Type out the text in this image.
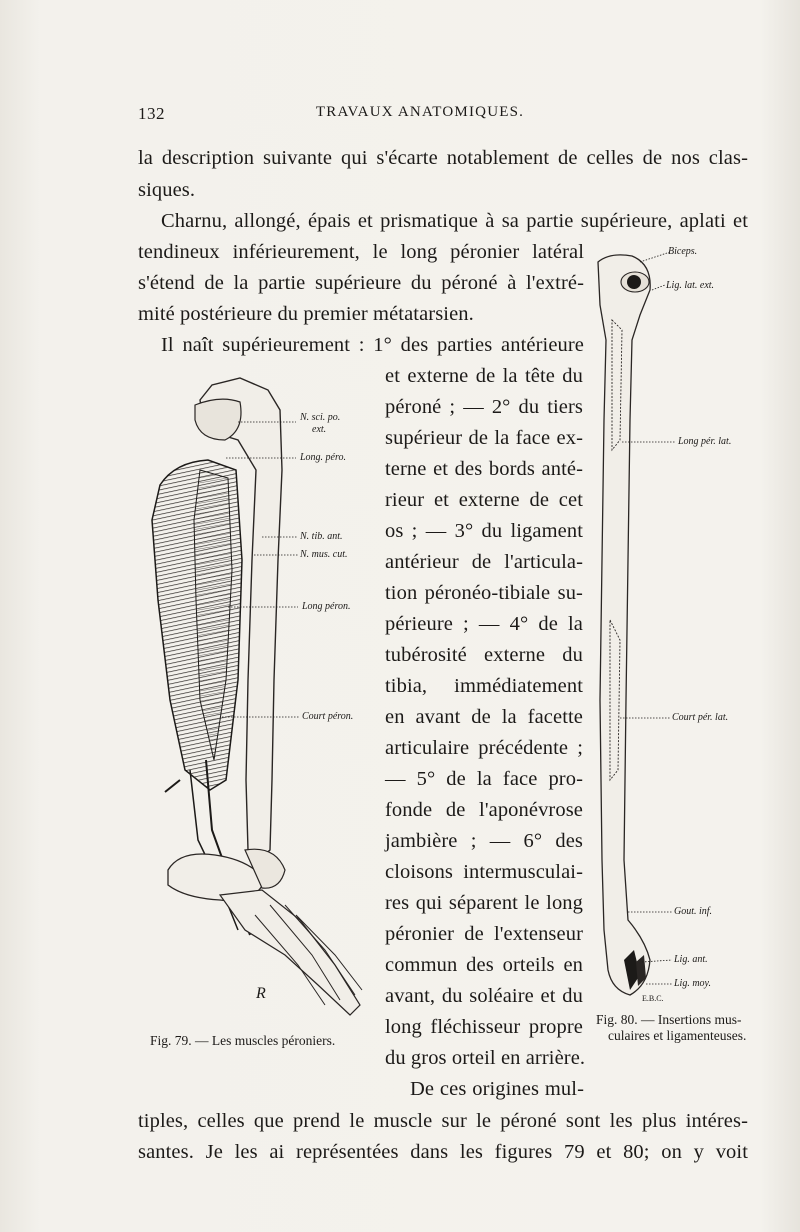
132	TRAVAUX ANATOMIQUES.
la description suivante qui s'écarte notablement de celles de nos clas-
siques.
Charnu, allongé, épais et prismatique à sa partie supérieure, aplati et
tendineux inférieurement, le long péronier latéral
s'étend de la partie supérieure du péroné à l'extré-
mité postérieure du premier métatarsien.
Il naît supérieurement : 1° des parties antérieure
et externe de la tête du
péroné ; — 2° du tiers
supérieur de la face ex-
terne et des bords anté-
rieur et externe de cet
os ; — 3° du ligament
antérieur de l'articula-
tion péronéo-tibiale su-
périeure ; — 4° de la
tubérosité externe du
tibia, immédiatement
en avant de la facette
articulaire précédente ;
— 5° de la face pro-
fonde de l'aponévrose
jambière ; — 6° des
cloisons intermusculai-
res qui séparent le long
péronier de l'extenseur
commun des orteils en
avant, du soléaire et du
long fléchisseur propre
du gros orteil en arrière.
De ces origines mul-
tiples, celles que prend le muscle sur le péroné sont les plus intéres-
santes. Je les ai représentées dans les figures 79 et 80; on y voit
N. sci. po.
ext.
Long. péro.
N. tib. ant.
N. mus. cut.
Long péron.
Court péron.
R
Fig. 79. — Les muscles péroniers.
Biceps.
Lig. lat. ext.
Long pér. lat.
Court pér. lat.
Gout. inf.
Lig. ant.
Lig. moy.
E.B.C.
Fig. 80. — Insertions mus-
culaires et ligamenteuses.
